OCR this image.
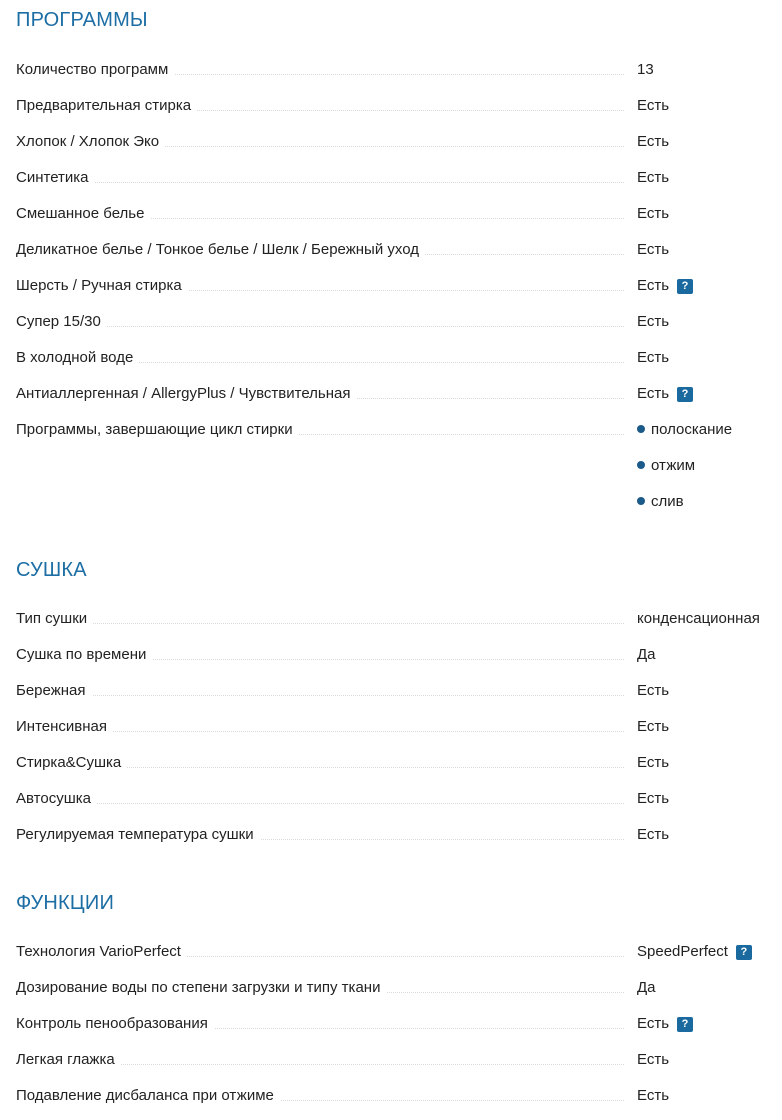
ПРОГРАММЫ
Количество программ	13
Предварительная стирка	Есть
Хлопок / Хлопок Эко	Есть
Синтетика	Есть
Смешанное белье	Есть
Деликатное белье / Тонкое белье / Шелк / Бережный уход	Есть
Шерсть / Ручная стирка	Есть	?
Супер 15/30	Есть
В холодной воде	Есть
Антиаллергенная / AllergyPlus / Чувствительная	Есть	?
Программы, завершающие цикл стирки	полоскание
отжим
слив
СУШКА
Тип сушки	конденсационная
Сушка по времени	Да
Бережная	Есть
Интенсивная	Есть
Стирка&Сушка	Есть
Автосушка	Есть
Регулируемая температура сушки	Есть
ФУНКЦИИ
Технология VarioPerfect	SpeedPerfect	?
Дозирование воды по степени загрузки и типу ткани	Да
Контроль пенообразования	Есть	?
Легкая глажка	Есть
Подавление дисбаланса при отжиме	Есть
